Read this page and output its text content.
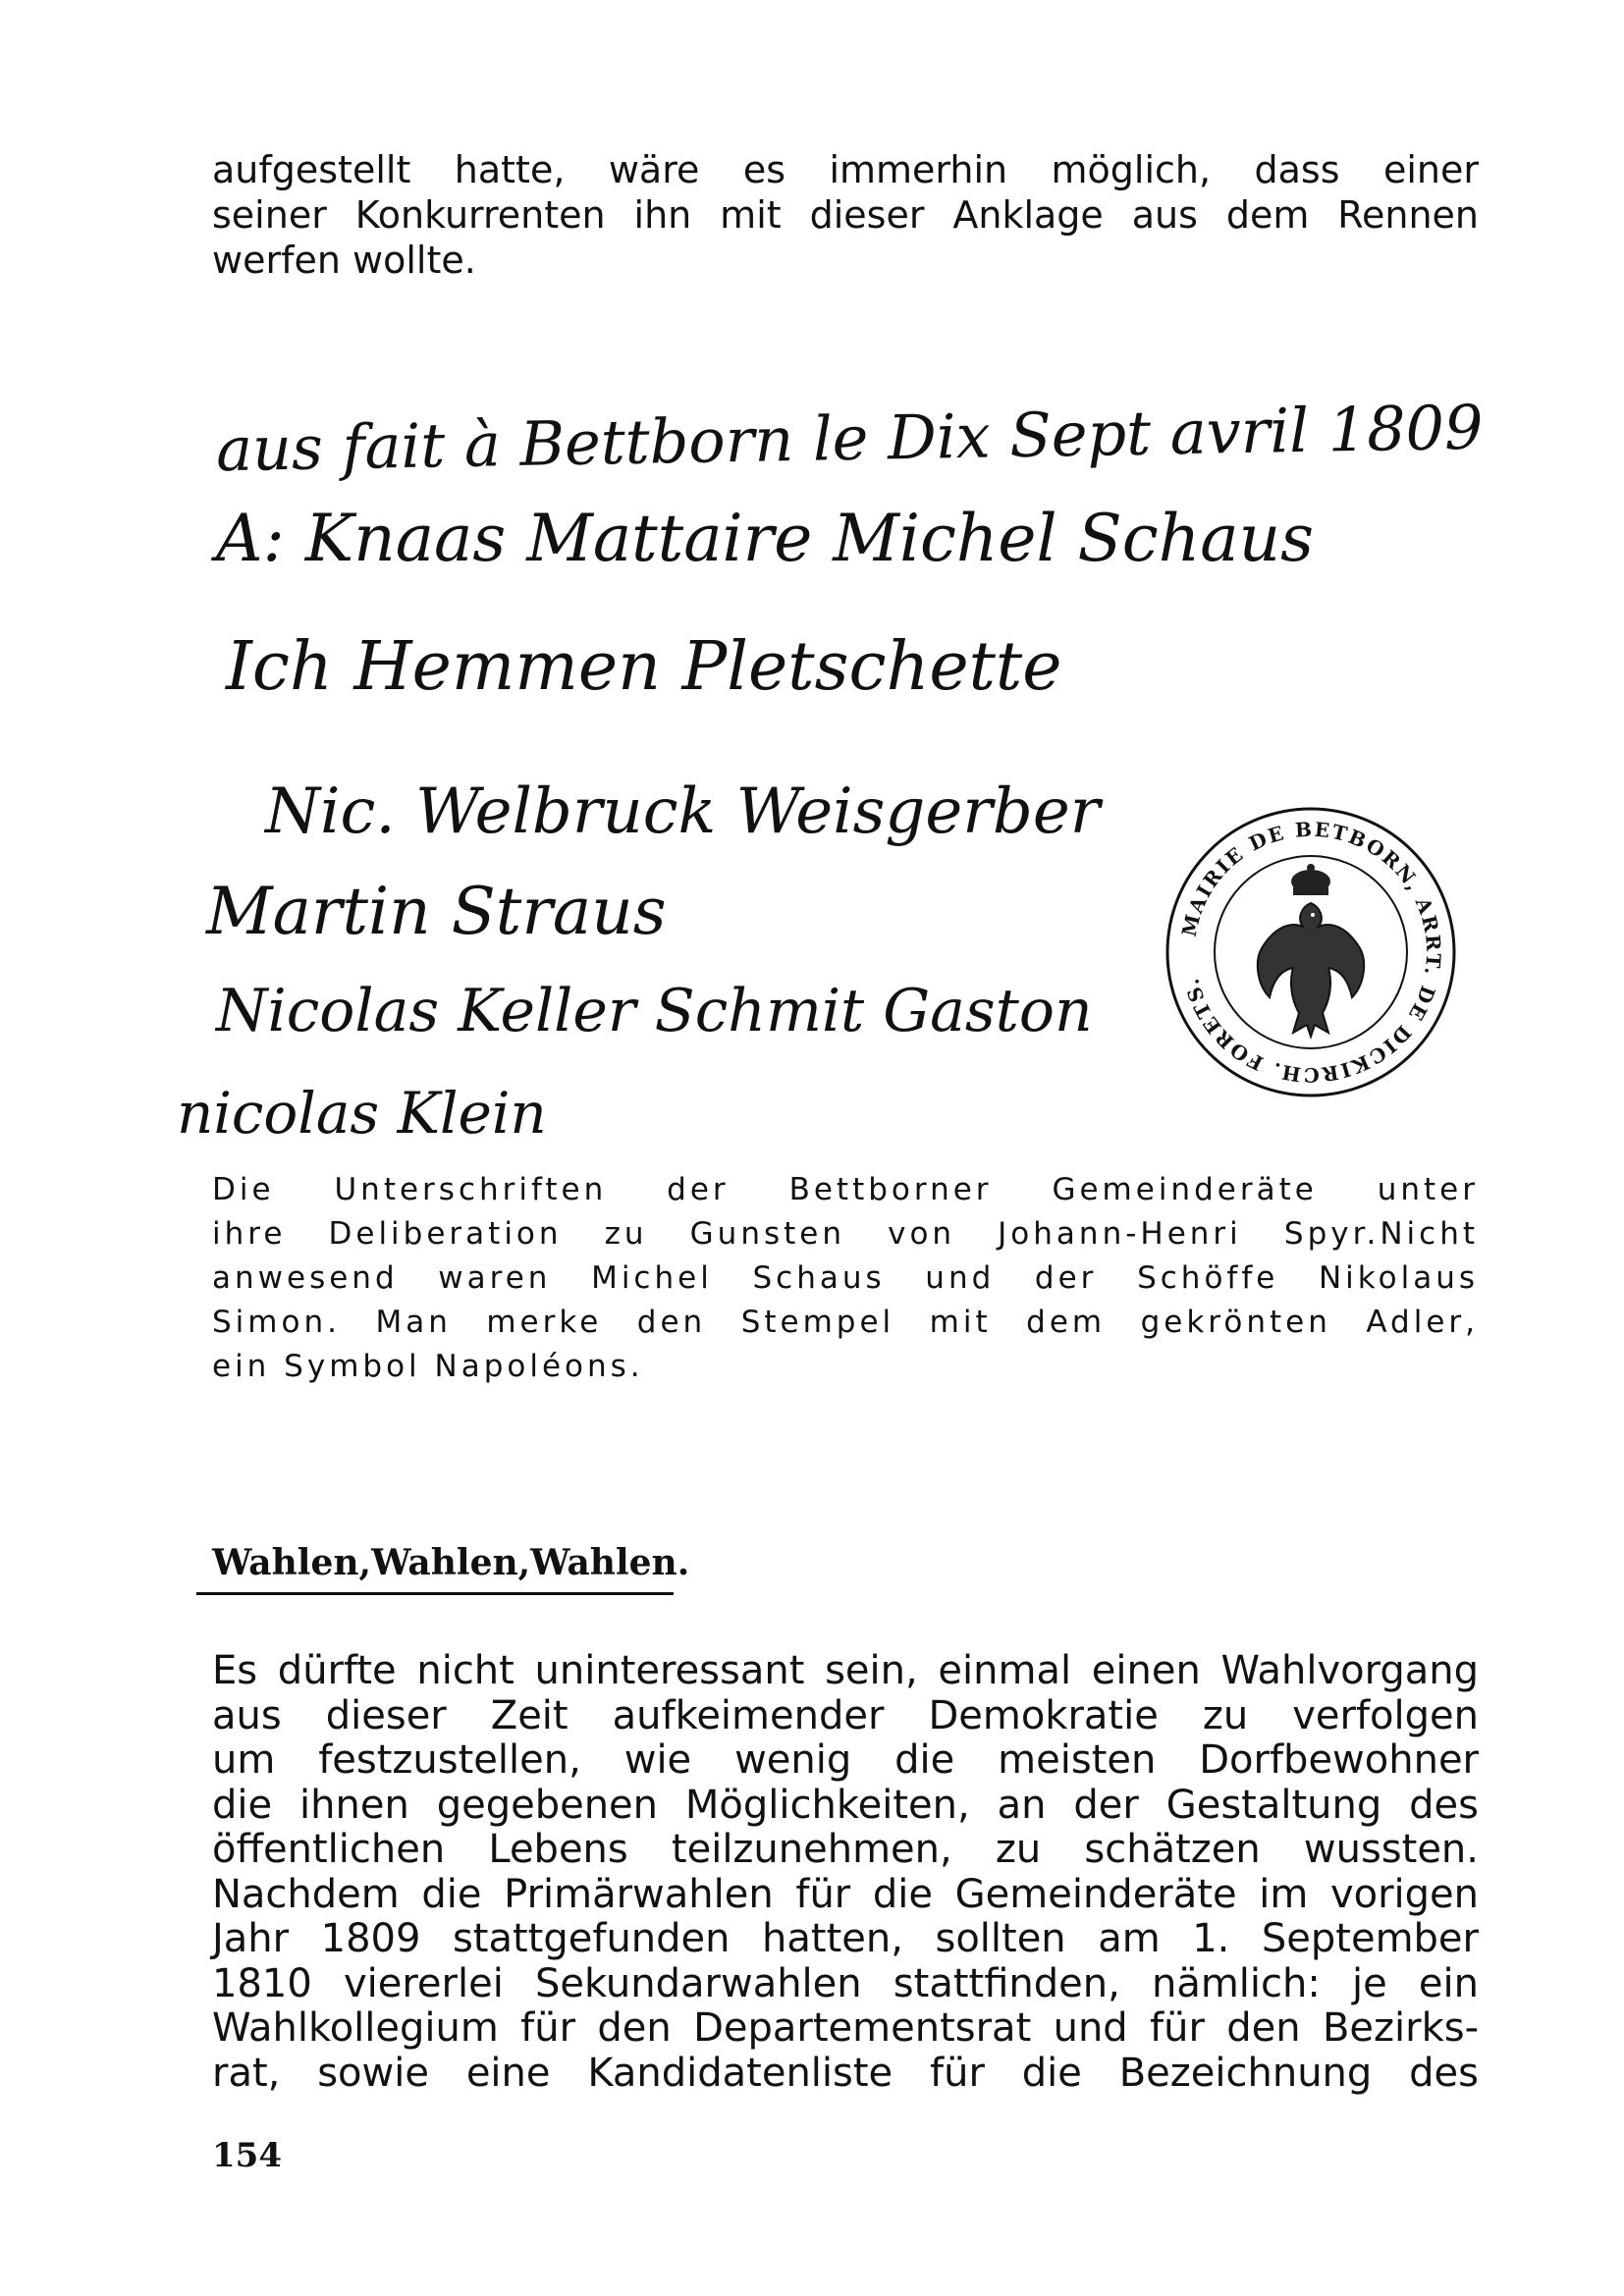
aufgestellt hatte, wäre es immerhin möglich, dass einer
seiner Konkurrenten ihn mit dieser Anklage aus dem Rennen
werfen wollte.

aus fait à Bettborn le Dix Sept avril 1809
A: Knaas Mattaire Michel Schaus
Ich Hemmen Pletschette
Nic. Welbruck Weisgerber
Martin Straus
Nicolas Keller Schmit Gaston
nicolas Klein
MAIRIE DE BETBORN, ARRT. DE DICKIRCH. FORETS.

Die Unterschriften der Bettborner Gemeinderäte unter
ihre Deliberation zu Gunsten von Johann-Henri Spyr.Nicht
anwesend waren Michel Schaus und der Schöffe Nikolaus
Simon. Man merke den Stempel mit dem gekrönten Adler,
ein Symbol Napoléons.

Wahlen,Wahlen,Wahlen.

Es dürfte nicht uninteressant sein, einmal einen Wahlvorgang
aus dieser Zeit aufkeimender Demokratie zu verfolgen
um festzustellen, wie wenig die meisten Dorfbewohner
die ihnen gegebenen Möglichkeiten, an der Gestaltung des
öffentlichen Lebens teilzunehmen, zu schätzen wussten.
Nachdem die Primärwahlen für die Gemeinderäte im vorigen
Jahr 1809 stattgefunden hatten, sollten am 1. September
1810 viererlei Sekundarwahlen stattfinden, nämlich: je ein
Wahlkollegium für den Departementsrat und für den Bezirks-
rat, sowie eine Kandidatenliste für die Bezeichnung des

154
